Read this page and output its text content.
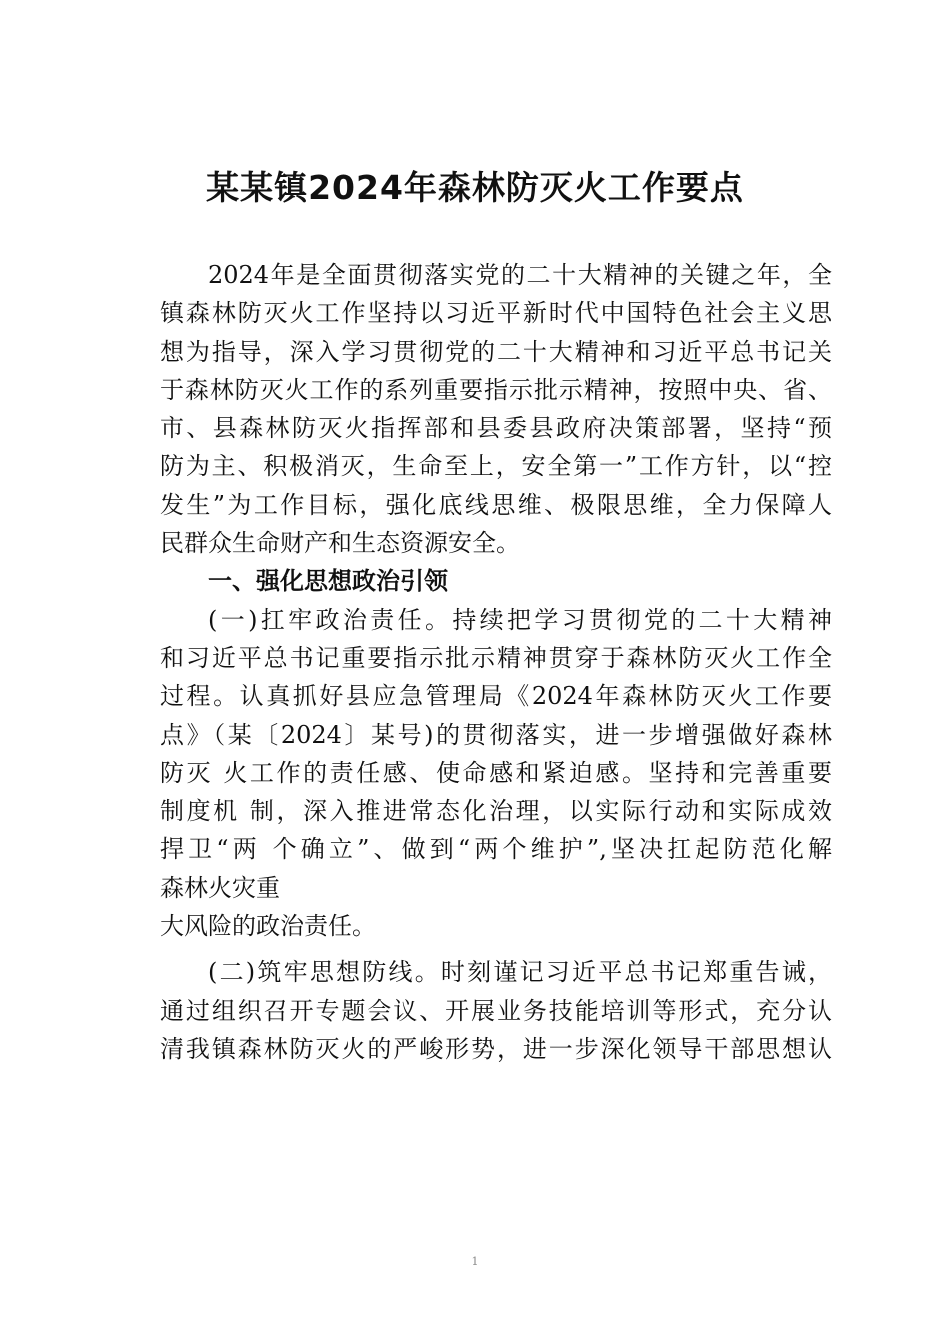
某某镇2024年森林防灭火工作要点
2024年是全面贯彻落实党的二十大精神的关键之年，全
镇森林防灭火工作坚持以习近平新时代中国特色社会主义思
想为指导，深入学习贯彻党的二十大精神和习近平总书记关
于森林防灭火工作的系列重要指示批示精神，按照中央、省、
市、县森林防灭火指挥部和县委县政府决策部署，坚持“预
防为主、积极消灭，生命至上，安全第一”工作方针，以“控
发生”为工作目标，强化底线思维、极限思维，全力保障人
民群众生命财产和生态资源安全。
一、强化思想政治引领
(一)扛牢政治责任。持续把学习贯彻党的二十大精神
和习近平总书记重要指示批示精神贯穿于森林防灭火工作全
过程。认真抓好县应急管理局《2024年森林防灭火工作要
点》（某〔2024〕某号)的贯彻落实，进一步增强做好森林
防灭 火工作的责任感、使命感和紧迫感。坚持和完善重要
制度机 制，深入推进常态化治理，以实际行动和实际成效
捍卫“两 个确立”、做到“两个维护”,坚决扛起防范化解
森林火灾重
大风险的政治责任。
(二)筑牢思想防线。时刻谨记习近平总书记郑重告诫，
通过组织召开专题会议、开展业务技能培训等形式，充分认
清我镇森林防灭火的严峻形势，进一步深化领导干部思想认
1
